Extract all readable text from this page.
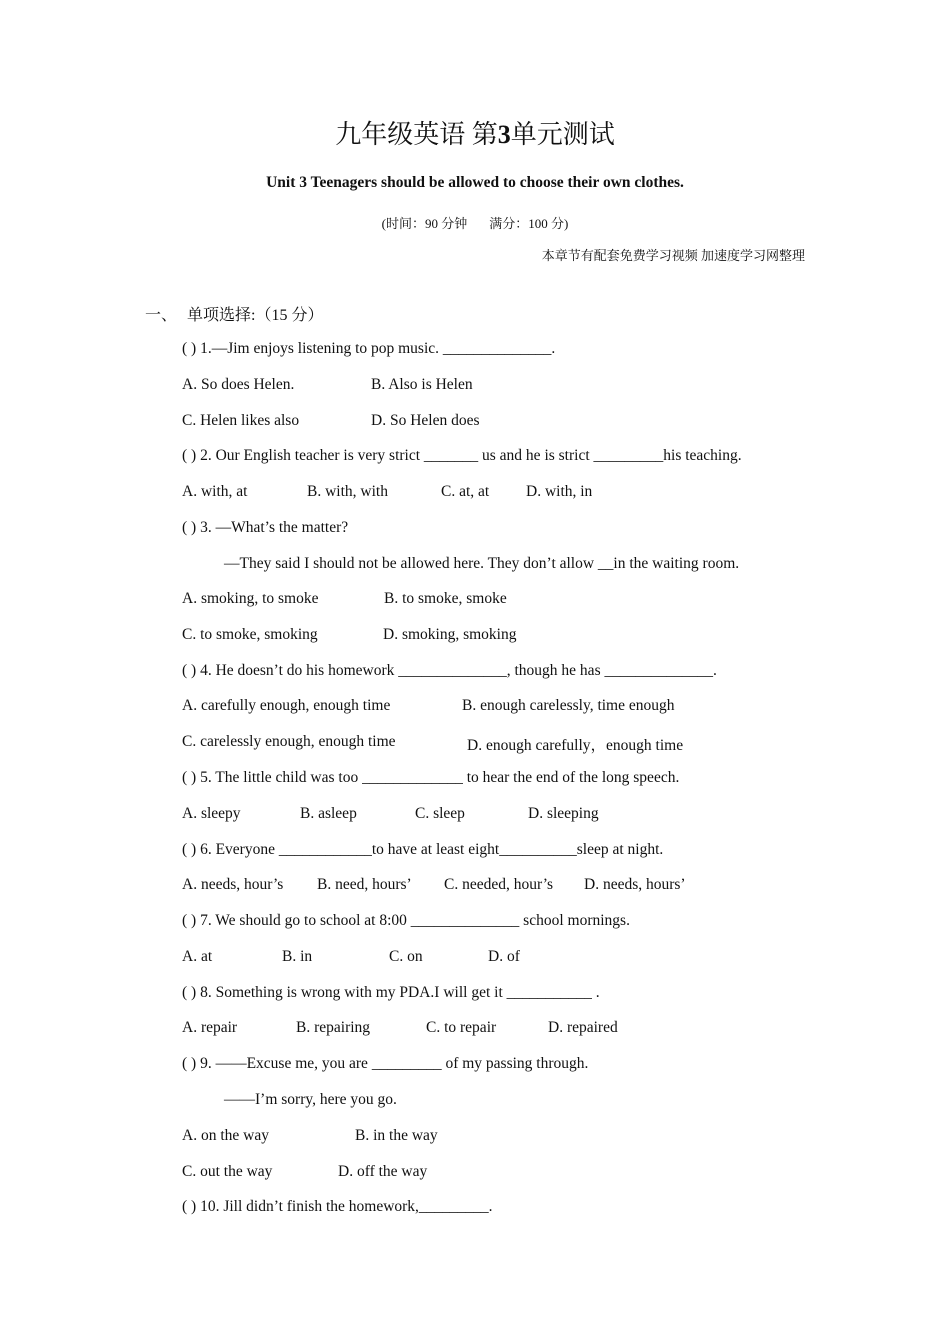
九年级英语 第3单元测试
Unit 3 Teenagers should be allowed to choose their own clothes.
(时间：90 分钟 满分：100 分)
本章节有配套免费学习视频 加速度学习网整理
一、 单项选择:（15 分）
( ) 1.—Jim enjoys listening to pop music. ______________.
A. So does Helen.	B. Also is Helen
C. Helen likes also	D. So Helen does
( ) 2. Our English teacher is very strict _______ us and he is strict _________his teaching.
A. with, at	B. with, with	C. at, at D. with, in
( ) 3. —What’s the matter?
—They said I should not be allowed here. They don’t allow __in the waiting room.
A. smoking, to smoke	B. to smoke, smoke
C. to smoke, smoking	D. smoking, smoking
( ) 4. He doesn’t do his homework ______________, though he has ______________.
A. carefully enough, enough time	B. enough carelessly, time enough
C. carelessly enough, enough time	D. enough carefully，enough time
( ) 5. The little child was too _____________ to hear the end of the long speech.
A. sleepy	B. asleep	C. sleep	D. sleeping
( ) 6. Everyone ____________to have at least eight__________sleep at night.
A. needs, hour’s B. need, hours’ C. needed, hour’s D. needs, hours’
( ) 7. We should go to school at 8:00 ______________ school mornings.
A. at	B. in	C. on	D. of
( ) 8. Something is wrong with my PDA.I will get it ___________ .
A. repair	B. repairing	C. to repair	D. repaired
( ) 9. ——Excuse me, you are _________ of my passing through.
——I’m sorry, here you go.
A. on the way	B. in the way
C. out the way	D. off the way
( ) 10. Jill didn’t finish the homework,_________.
